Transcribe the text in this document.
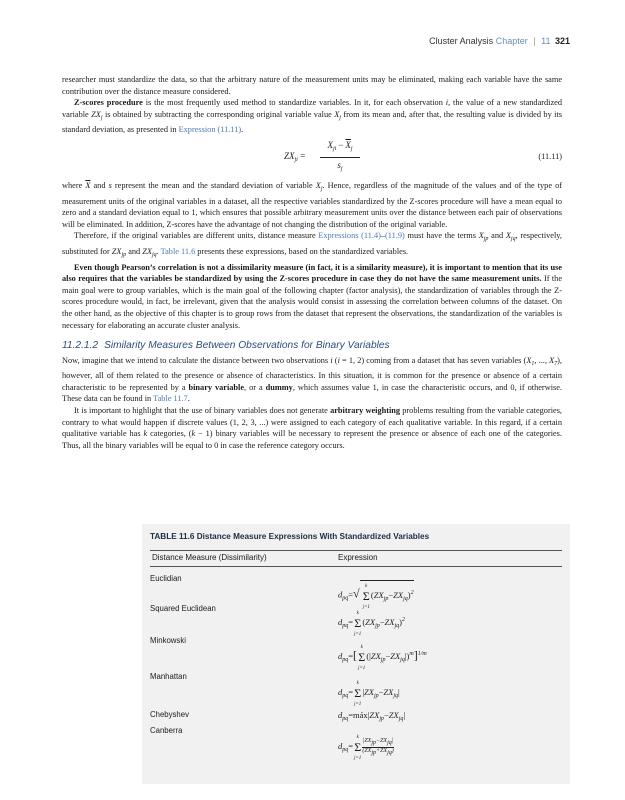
Cluster Analysis Chapter | 11 321

researcher must standardize the data, so that the arbitrary nature of the measurement units may be eliminated, making each variable have the same contribution over the distance measure considered.

Z-scores procedure is the most frequently used method to standardize variables. In it, for each observation i, the value of a new standardized variable $ZX_j$ is obtained by subtracting the corresponding original variable value $X_j$ from its mean and, after that, the resulting value is divided by its standard deviation, as presented in Expression (11.11).

$ZX_{ji}$ =
$X_{ji} - \overline{X}_j$
$s_j$
(11.11)

where $\overline{X}$ and s represent the mean and the standard deviation of variable $X_j$. Hence, regardless of the magnitude of the values and of the type of measurement units of the original variables in a dataset, all the respective variables standardized by the Z-scores procedure will have a mean equal to zero and a standard deviation equal to 1, which ensures that possible arbitrary measurement units over the distance between each pair of observations will be eliminated. In addition, Z-scores have the advantage of not changing the distribution of the original variable.

Therefore, if the original variables are different units, distance measure Expressions (11.4)–(11.9) must have the terms $X_{jp}$ and $X_{jq}$, respectively, substituted for $ZX_{jp}$ and $ZX_{jq}$. Table 11.6 presents these expressions, based on the standardized variables.

Even though Pearson’s correlation is not a dissimilarity measure (in fact, it is a similarity measure), it is important to mention that its use also requires that the variables be standardized by using the Z-scores procedure in case they do not have the same measurement units. If the main goal were to group variables, which is the main goal of the following chapter (factor analysis), the standardization of variables through the Z-scores procedure would, in fact, be irrelevant, given that the analysis would consist in assessing the correlation between columns of the dataset. On the other hand, as the objective of this chapter is to group rows from the dataset that represent the observations, the standardization of the variables is necessary for elaborating an accurate cluster analysis.

11.2.1.2 Similarity Measures Between Observations for Binary Variables

Now, imagine that we intend to calculate the distance between two observations i (i = 1, 2) coming from a dataset that has seven variables ($X_1$, ..., $X_7$), however, all of them related to the presence or absence of characteristics. In this situation, it is common for the presence or absence of a certain characteristic to be represented by a binary variable, or a dummy, which assumes value 1, in case the characteristic occurs, and 0, if otherwise. These data can be found in Table 11.7.

It is important to highlight that the use of binary variables does not generate arbitrary weighting problems resulting from the variable categories, contrary to what would happen if discrete values (1, 2, 3, ...) were assigned to each category of each qualitative variable. In this regard, if a certain qualitative variable has k categories, (k − 1) binary variables will be necessary to represent the presence or absence of each one of the categories. Thus, all the binary variables will be equal to 0 in case the reference category occurs.

TABLE 11.6 Distance Measure Expressions With Standardized Variables
Distance Measure (Dissimilarity)	Expression
Euclidian
$d_{pq}=√$ k
Σ
$j=1(ZX_{jp}-ZX_{jq})^2$
Squared Euclidean
$d_{pq}=k$
Σ
$j=1(ZX_{jp}-ZX_{jq})^2$
Minkowski
$d_{pq}=[k$
Σ
$j=1(|ZX_{jp}-ZX_{jq}|)^m]^{1/m}$
Manhattan
$d_{pq}=k$
Σ
$j=1|ZX_{jp}-ZX_{jq}|$
Chebyshev	$d_{pq}=máx|ZX_{jp}-ZX_{jq}|$
Canberra
$d_{pq}=k$
Σ
j=1
|ZXjp−ZXjq|
(ZXjp+ZXjq)
